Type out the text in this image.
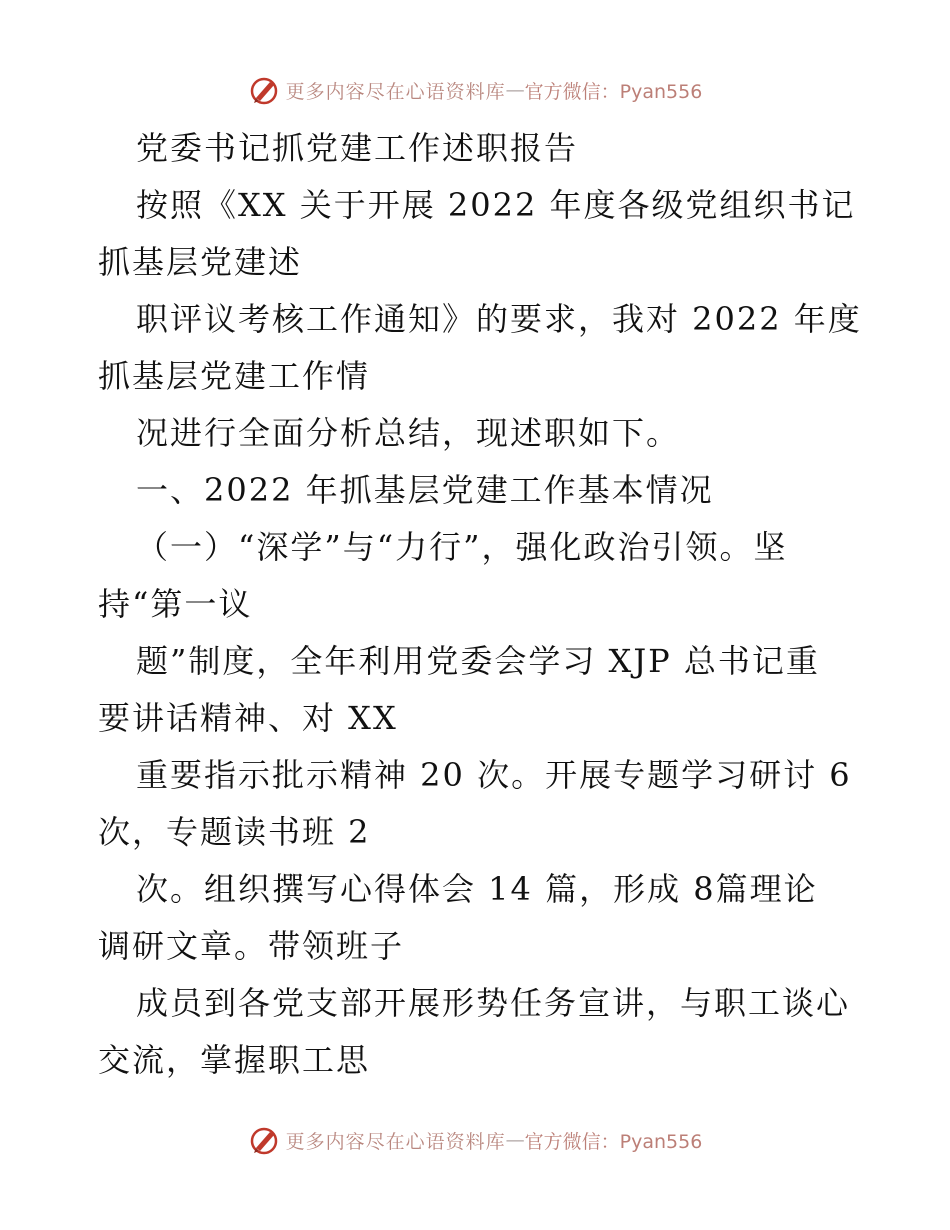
更多内容尽在心语资料库 — 官方微信：Pyan556
党委书记抓党建工作述职报告
按照《XX 关于开展 2022 年度各级党组织书记
抓基层党建述
职评议考核工作通知》的要求，我对 2022 年度
抓基层党建工作情
况进行全面分析总结，现述职如下。
一、2022 年抓基层党建工作基本情况
（一）“深学”与“力行”，强化政治引领。坚
持“第一议
题”制度，全年利用党委会学习 XJP 总书记重
要讲话精神、对 XX
重要指示批示精神 20 次。开展专题学习研讨 6
次，专题读书班 2
次。组织撰写心得体会 14 篇，形成 8篇理论
调研文章。带领班子
成员到各党支部开展形势任务宣讲，与职工谈心
交流，掌握职工思
更多内容尽在心语资料库 — 官方微信：Pyan556
